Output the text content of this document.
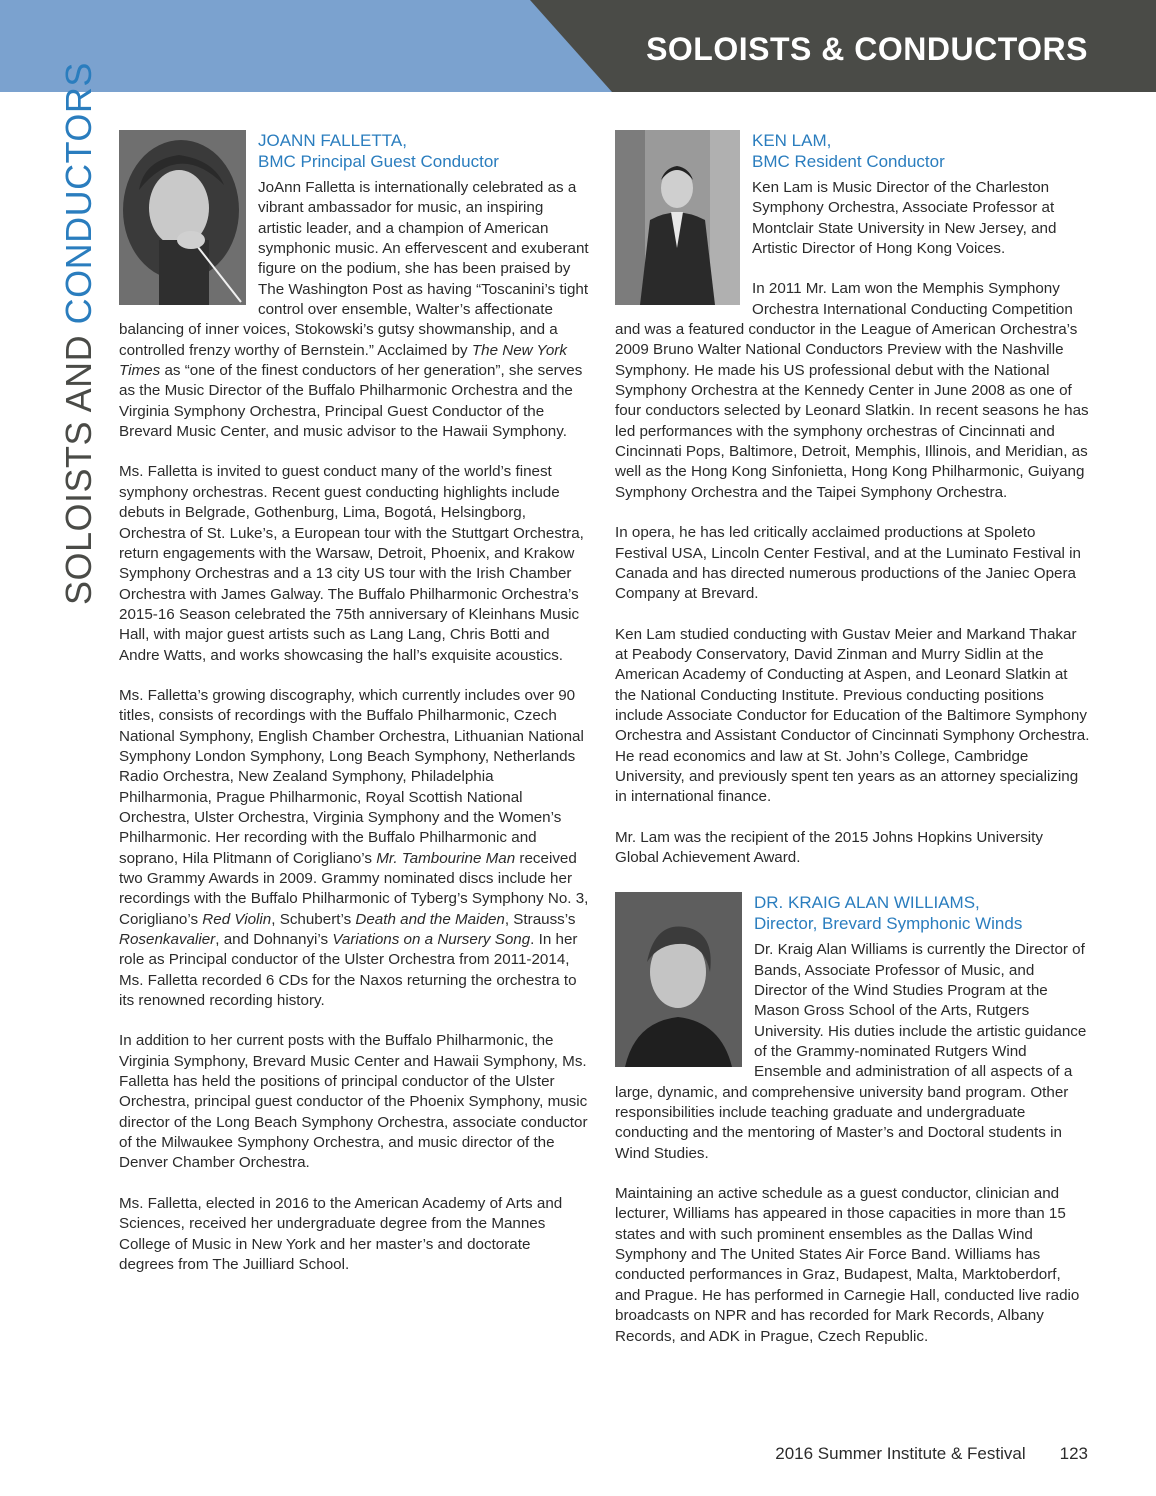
SOLOISTS & CONDUCTORS
SOLOISTS AND CONDUCTORS	JOANN FALLETTA,
BMC Principal Guest Conductor

JoAnn Falletta is internationally celebrated as a vibrant ambassador for music, an inspiring artistic leader, and a champion of American symphonic music. An effervescent and exuberant figure on the podium, she has been praised by The Washington Post as having “Toscanini’s tight control over ensemble, Walter’s affectionate balancing of inner voices, Stokowski’s gutsy showmanship, and a controlled frenzy worthy of Bernstein.” Acclaimed by The New York Times as “one of the finest conductors of her generation”, she serves as the Music Director of the Buffalo Philharmonic Orchestra and the Virginia Symphony Orchestra, Principal Guest Conductor of the Brevard Music Center, and music advisor to the Hawaii Symphony.

Ms. Falletta is invited to guest conduct many of the world’s finest symphony orchestras. Recent guest conducting highlights include debuts in Belgrade, Gothenburg, Lima, Bogotá, Helsingborg, Orchestra of St. Luke’s, a European tour with the Stuttgart Orchestra, return engagements with the Warsaw, Detroit, Phoenix, and Krakow Symphony Orchestras and a 13 city US tour with the Irish Chamber Orchestra with James Galway. The Buffalo Philharmonic Orchestra’s 2015-16 Season celebrated the 75th anniversary of Kleinhans Music Hall, with major guest artists such as Lang Lang, Chris Botti and Andre Watts, and works showcasing the hall’s exquisite acoustics.

Ms. Falletta’s growing discography, which currently includes over 90 titles, consists of recordings with the Buffalo Philharmonic, Czech National Symphony, English Chamber Orchestra, Lithuanian National Symphony London Symphony, Long Beach Symphony, Netherlands Radio Orchestra, New Zealand Symphony, Philadelphia Philharmonia, Prague Philharmonic, Royal Scottish National Orchestra, Ulster Orchestra, Virginia Symphony and the Women’s Philharmonic. Her recording with the Buffalo Philharmonic and soprano, Hila Plitmann of Corigliano’s Mr. Tambourine Man received two Grammy Awards in 2009. Grammy nominated discs include her recordings with the Buffalo Philharmonic of Tyberg’s Symphony No. 3, Corigliano’s Red Violin, Schubert’s Death and the Maiden, Strauss’s Rosenkavalier, and Dohnanyi’s Variations on a Nursery Song. In her role as Principal conductor of the Ulster Orchestra from 2011-2014, Ms. Falletta recorded 6 CDs for the Naxos returning the orchestra to its renowned recording history.

In addition to her current posts with the Buffalo Philharmonic, the Virginia Symphony, Brevard Music Center and Hawaii Symphony, Ms. Falletta has held the positions of principal conductor of the Ulster Orchestra, principal guest conductor of the Phoenix Symphony, music director of the Long Beach Symphony Orchestra, associate conductor of the Milwaukee Symphony Orchestra, and music director of the Denver Chamber Orchestra.

Ms. Falletta, elected in 2016 to the American Academy of Arts and Sciences, received her undergraduate degree from the Mannes College of Music in New York and her master’s and doctorate degrees from The Juilliard School.

KEN LAM,
BMC Resident Conductor

Ken Lam is Music Director of the Charleston Symphony Orchestra, Associate Professor at Montclair State University in New Jersey, and Artistic Director of Hong Kong Voices.

In 2011 Mr. Lam won the Memphis Symphony Orchestra International Conducting Competition and was a featured conductor in the League of American Orchestra’s 2009 Bruno Walter National Conductors Preview with the Nashville Symphony. He made his US professional debut with the National Symphony Orchestra at the Kennedy Center in June 2008 as one of four conductors selected by Leonard Slatkin. In recent seasons he has led performances with the symphony orchestras of Cincinnati and Cincinnati Pops, Baltimore, Detroit, Memphis, Illinois, and Meridian, as well as the Hong Kong Sinfonietta, Hong Kong Philharmonic, Guiyang Symphony Orchestra and the Taipei Symphony Orchestra.

In opera, he has led critically acclaimed productions at Spoleto Festival USA, Lincoln Center Festival, and at the Luminato Festival in Canada and has directed numerous productions of the Janiec Opera Company at Brevard.

Ken Lam studied conducting with Gustav Meier and Markand Thakar at Peabody Conservatory, David Zinman and Murry Sidlin at the American Academy of Conducting at Aspen, and Leonard Slatkin at the National Conducting Institute. Previous conducting positions include Associate Conductor for Education of the Baltimore Symphony Orchestra and Assistant Conductor of Cincinnati Symphony Orchestra. He read economics and law at St. John’s College, Cambridge University, and previously spent ten years as an attorney specializing in international finance.

Mr. Lam was the recipient of the 2015 Johns Hopkins University Global Achievement Award.

DR. KRAIG ALAN WILLIAMS,
Director, Brevard Symphonic Winds

Dr. Kraig Alan Williams is currently the Director of Bands, Associate Professor of Music, and Director of the Wind Studies Program at the Mason Gross School of the Arts, Rutgers University. His duties include the artistic guidance of the Grammy-nominated Rutgers Wind Ensemble and administration of all aspects of a large, dynamic, and comprehensive university band program. Other responsibilities include teaching graduate and undergraduate conducting and the mentoring of Master’s and Doctoral students in Wind Studies.

Maintaining an active schedule as a guest conductor, clinician and lecturer, Williams has appeared in those capacities in more than 15 states and with such prominent ensembles as the Dallas Wind Symphony and The United States Air Force Band. Williams has conducted performances in Graz, Budapest, Malta, Marktoberdorf, and Prague. He has performed in Carnegie Hall, conducted live radio broadcasts on NPR and has recorded for Mark Records, Albany Records, and ADK in Prague, Czech Republic.

2016 Summer Institute & Festival 123
